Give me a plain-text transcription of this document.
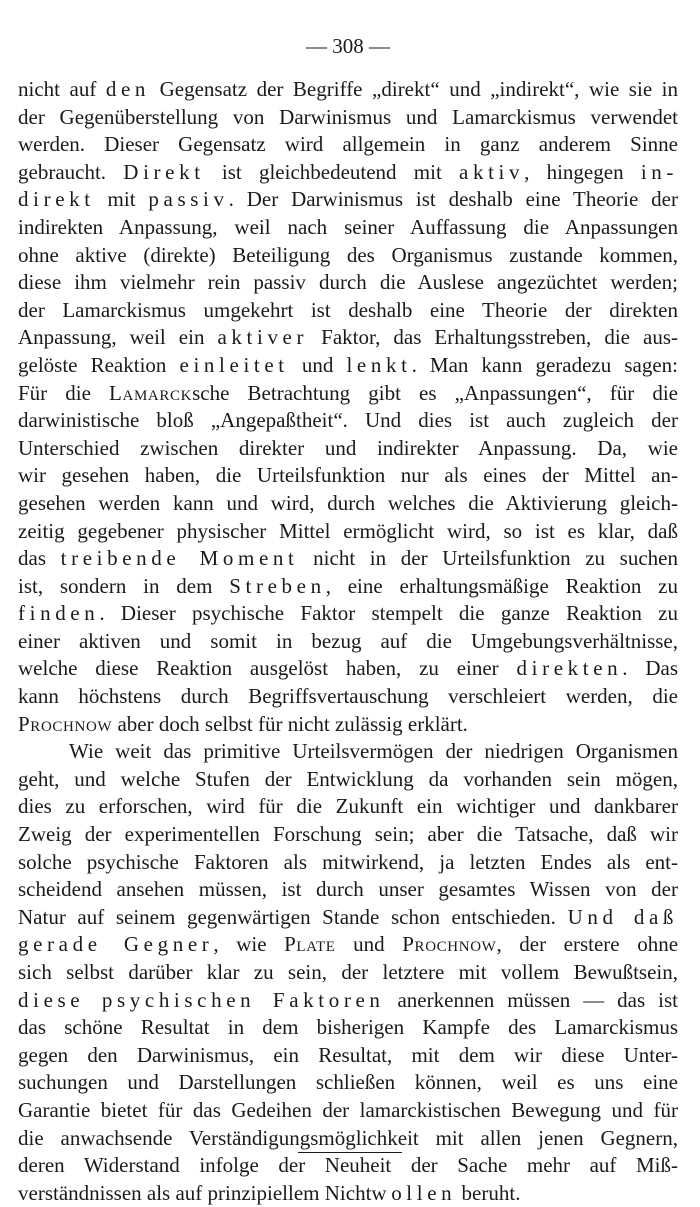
— 308 —
nicht auf den Gegensatz der Begriffe „direkt“ und „indirekt“, wie sie in
der Gegenüberstellung von Darwinismus und Lamarckismus verwendet
werden. Dieser Gegensatz wird allgemein in ganz anderem Sinne
gebraucht. Direkt ist gleichbedeutend mit aktiv, hingegen in-
direkt mit passiv. Der Darwinismus ist deshalb eine Theorie der
indirekten Anpassung, weil nach seiner Auffassung die Anpassungen
ohne aktive (direkte) Beteiligung des Organismus zustande kommen,
diese ihm vielmehr rein passiv durch die Auslese angezüchtet werden;
der Lamarckismus umgekehrt ist deshalb eine Theorie der direkten
Anpassung, weil ein aktiver Faktor, das Erhaltungsstreben, die aus-
gelöste Reaktion einleitet und lenkt. Man kann geradezu sagen:
Für die Lamarcksche Betrachtung gibt es „Anpassungen“, für die
darwinistische bloß „Angepaßtheit“. Und dies ist auch zugleich der
Unterschied zwischen direkter und indirekter Anpassung. Da, wie
wir gesehen haben, die Urteilsfunktion nur als eines der Mittel an-
gesehen werden kann und wird, durch welches die Aktivierung gleich-
zeitig gegebener physischer Mittel ermöglicht wird, so ist es klar, daß
das treibende Moment nicht in der Urteilsfunktion zu suchen
ist, sondern in dem Streben, eine erhaltungsmäßige Reaktion zu
finden. Dieser psychische Faktor stempelt die ganze Reaktion zu
einer aktiven und somit in bezug auf die Umgebungsverhältnisse,
welche diese Reaktion ausgelöst haben, zu einer direkten. Das
kann höchstens durch Begriffsvertauschung verschleiert werden, die
Prochnow aber doch selbst für nicht zulässig erklärt.
Wie weit das primitive Urteilsvermögen der niedrigen Organismen
geht, und welche Stufen der Entwicklung da vorhanden sein mögen,
dies zu erforschen, wird für die Zukunft ein wichtiger und dankbarer
Zweig der experimentellen Forschung sein; aber die Tatsache, daß wir
solche psychische Faktoren als mitwirkend, ja letzten Endes als ent-
scheidend ansehen müssen, ist durch unser gesamtes Wissen von der
Natur auf seinem gegenwärtigen Stande schon entschieden. Und daß
gerade Gegner, wie Plate und Prochnow, der erstere ohne
sich selbst darüber klar zu sein, der letztere mit vollem Bewußtsein,
diese psychischen Faktoren anerkennen müssen — das ist
das schöne Resultat in dem bisherigen Kampfe des Lamarckismus
gegen den Darwinismus, ein Resultat, mit dem wir diese Unter-
suchungen und Darstellungen schließen können, weil es uns eine
Garantie bietet für das Gedeihen der lamarckistischen Bewegung und für
die anwachsende Verständigungsmöglichkeit mit allen jenen Gegnern,
deren Widerstand infolge der Neuheit der Sache mehr auf Miß-
verständnissen als auf prinzipiellem Nichtwollen beruht.
